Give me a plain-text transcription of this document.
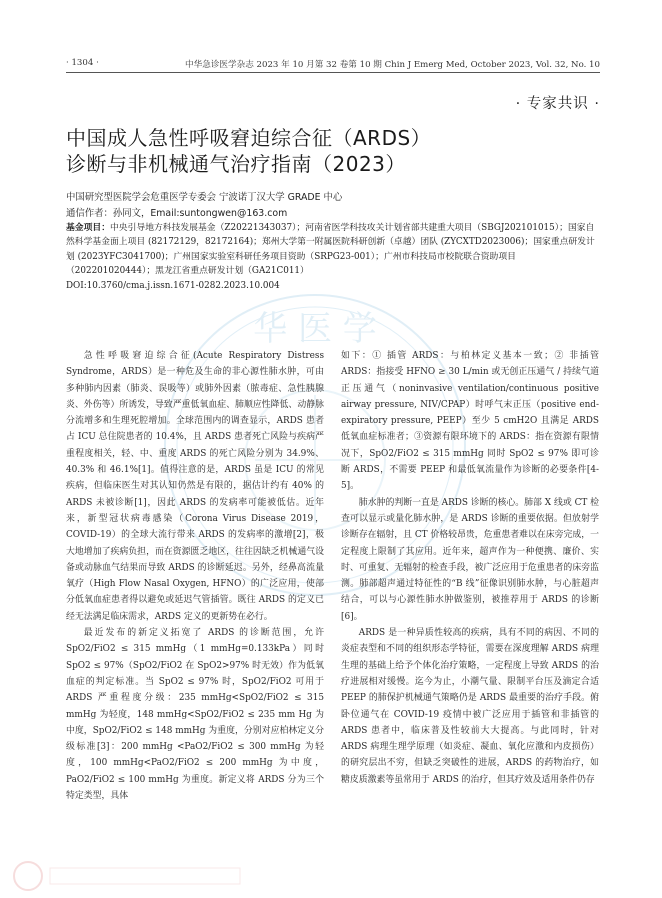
· 1304 ·	中华急诊医学杂志 2023 年 10 月第 32 卷第 10 期 Chin J Emerg Med, October 2023, Vol. 32, No. 10
· 专家共识 ·
中国成人急性呼吸窘迫综合征（ARDS）
诊断与非机械通气治疗指南（2023）
中国研究型医院学会危重医学专委会 宁波诺丁汉大学 GRADE 中心
通信作者：孙同文，Email:suntongwen@163.com
基金项目：中央引导地方科技发展基金（Z20221343037）；河南省医学科技攻关计划省部共建重大项目（SBGJ202101015）；国家自然科学基金面上项目 (82172129，82172164)；郑州大学第一附属医院科研创新（卓越）团队 (ZYCXTD2023006)；国家重点研发计划 (2023YFC3041700)；广州国家实验室科研任务项目资助（SRPG23-001）；广州市科技局市校院联合资助项目（202201020444）；黑龙江省重点研发计划（GA21C011）
DOI:10.3760/cma.j.issn.1671-0282.2023.10.004
华 医 学

急性呼吸窘迫综合征(Acute Respiratory Distress Syndrome，ARDS）是一种危及生命的非心源性肺水肿，可由多种肺内因素（肺炎、误吸等）或肺外因素（脓毒症、急性胰腺炎、外伤等）所诱发，导致严重低氧血症、肺顺应性降低、动静脉分流增多和生理死腔增加。全球范围内的调查显示，ARDS 患者占 ICU 总住院患者的 10.4%，且 ARDS 患者死亡风险与疾病严重程度相关，轻、中、重度 ARDS 的死亡风险分别为 34.9%、40.3% 和 46.1%[1]。值得注意的是，ARDS 虽是 ICU 的常见疾病，但临床医生对其认知仍然是有限的，据估计约有 40% 的 ARDS 未被诊断[1]，因此 ARDS 的发病率可能被低估。近年来，新型冠状病毒感染（Corona Virus Disease 2019，COVID-19）的全球大流行带来 ARDS 的发病率的激增[2]，极大地增加了疾病负担，而在资源匮乏地区，往往因缺乏机械通气设备或动脉血气结果而导致 ARDS 的诊断延迟。另外，经鼻高流量氧疗（High Flow Nasal Oxygen, HFNO）的广泛应用，使部分低氧血症患者得以避免或延迟气管插管。既往 ARDS 的定义已经无法满足临床需求，ARDS 定义的更新势在必行。

最近发布的新定义拓宽了 ARDS 的诊断范围，允许 SpO2/FiO2 ≤ 315 mmHg（1 mmHg=0.133kPa）同时 SpO2 ≤ 97%（SpO2/FiO2 在 SpO2>97% 时无效）作为低氧血症的判定标准。当 SpO2 ≤ 97% 时，SpO2/FiO2 可用于 ARDS 严重程度分级：235 mmHg<SpO2/FiO2 ≤ 315 mmHg 为轻度，148 mmHg<SpO2/FiO2 ≤ 235 mm Hg 为中度，SpO2/FiO2 ≤ 148 mmHg 为重度，分别对应柏林定义分级标准[3]：200 mmHg <PaO2/FiO2 ≤ 300 mmHg 为轻度，100 mmHg<PaO2/FiO2 ≤ 200 mmHg 为中度，PaO2/FiO2 ≤ 100 mmHg 为重度。新定义将 ARDS 分为三个特定类型，具体

如下：① 插管 ARDS：与柏林定义基本一致；② 非插管 ARDS：指接受 HFNO ≥ 30 L/min 或无创正压通气 / 持续气道正压通气（noninvasive ventilation/continuous positive airway pressure, NIV/CPAP）时呼气末正压（positive end-expiratory pressure, PEEP）至少 5 cmH2O 且满足 ARDS 低氧血症标准者；③资源有限环境下的 ARDS：指在资源有限情况下，SpO2/FiO2 ≤ 315 mmHg 同时 SpO2 ≤ 97% 即可诊断 ARDS，不需要 PEEP 和最低氧流量作为诊断的必要条件[4-5]。

肺水肿的判断一直是 ARDS 诊断的核心。肺部 X 线或 CT 检查可以显示或量化肺水肿，是 ARDS 诊断的重要依据。但放射学诊断存在辐射，且 CT 价格较昂贵，危重患者难以在床旁完成，一定程度上限制了其应用。近年来，超声作为一种便携、廉价、实时、可重复、无辐射的检查手段，被广泛应用于危重患者的床旁监测。肺部超声通过特征性的“B 线”征像识别肺水肿，与心脏超声结合，可以与心源性肺水肿做鉴别，被推荐用于 ARDS 的诊断[6]。

ARDS 是一种异质性较高的疾病，具有不同的病因、不同的炎症表型和不同的组织形态学特征，需要在深度理解 ARDS 病理生理的基础上给予个体化治疗策略，一定程度上导致 ARDS 的治疗进展相对缓慢。迄今为止，小潮气量、限制平台压及滴定合适 PEEP 的肺保护机械通气策略仍是 ARDS 最重要的治疗手段。俯卧位通气在 COVID-19 疫情中被广泛应用于插管和非插管的 ARDS 患者中，临床普及性较前大大提高。与此同时，针对 ARDS 病理生理学原理（如炎症、凝血、氧化应激和内皮损伤）的研究层出不穷，但缺乏突破性的进展，ARDS 的药物治疗，如糖皮质激素等虽常用于 ARDS 的治疗，但其疗效及适用条件仍存
